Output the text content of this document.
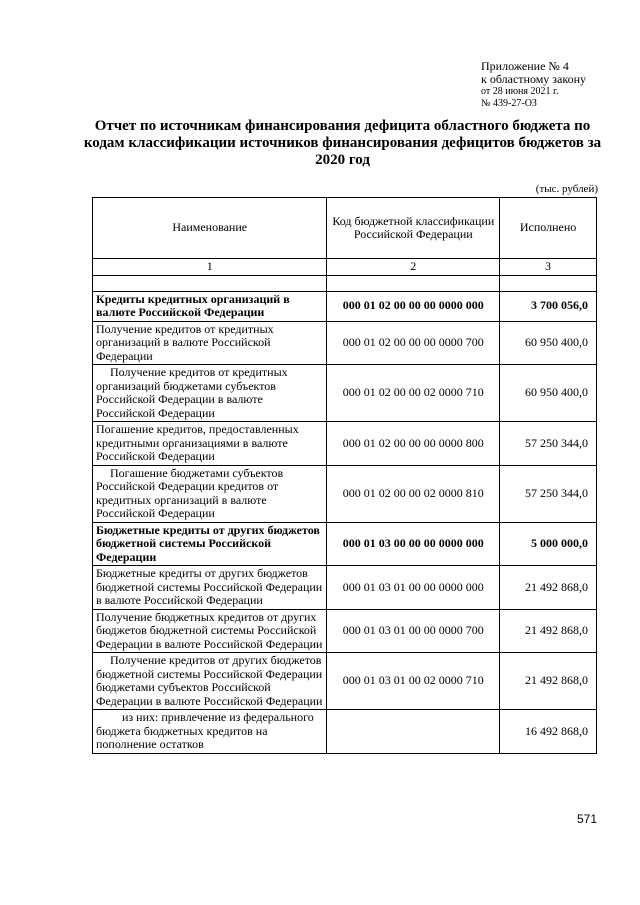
Приложение № 4
к областному закону
от 28 июня 2021 г.
№ 439-27-ОЗ
Отчет по источникам финансирования дефицита областного бюджета по кодам классификации источников финансирования дефицитов бюджетов за 2020 год
(тыс. рублей)
Наименование	Код бюджетной классификации Российской Федерации	Исполнено
1	2	3

Кредиты кредитных организаций в валюте Российской Федерации	000 01 02 00 00 00 0000 000	3 700 056,0
Получение кредитов от кредитных организаций в валюте Российской Федерации	000 01 02 00 00 00 0000 700	60 950 400,0
Получение кредитов от кредитных организаций бюджетами субъектов Российской Федерации в валюте Российской Федерации	000 01 02 00 00 02 0000 710	60 950 400,0
Погашение кредитов, предоставленных кредитными организациями в валюте Российской Федерации	000 01 02 00 00 00 0000 800	57 250 344,0
Погашение бюджетами субъектов Российской Федерации кредитов от кредитных организаций в валюте Российской Федерации	000 01 02 00 00 02 0000 810	57 250 344,0
Бюджетные кредиты от других бюджетов бюджетной системы Российской Федерации	000 01 03 00 00 00 0000 000	5 000 000,0
Бюджетные кредиты от других бюджетов бюджетной системы Российской Федерации в валюте Российской Федерации	000 01 03 01 00 00 0000 000	21 492 868,0
Получение бюджетных кредитов от других бюджетов бюджетной системы Российской Федерации в валюте Российской Федерации	000 01 03 01 00 00 0000 700	21 492 868,0
Получение кредитов от других бюджетов бюджетной системы Российской Федерации бюджетами субъектов Российской Федерации в валюте Российской Федерации	000 01 03 01 00 02 0000 710	21 492 868,0
из них: привлечение из федерального бюджета бюджетных кредитов на пополнение остатков		16 492 868,0
571
